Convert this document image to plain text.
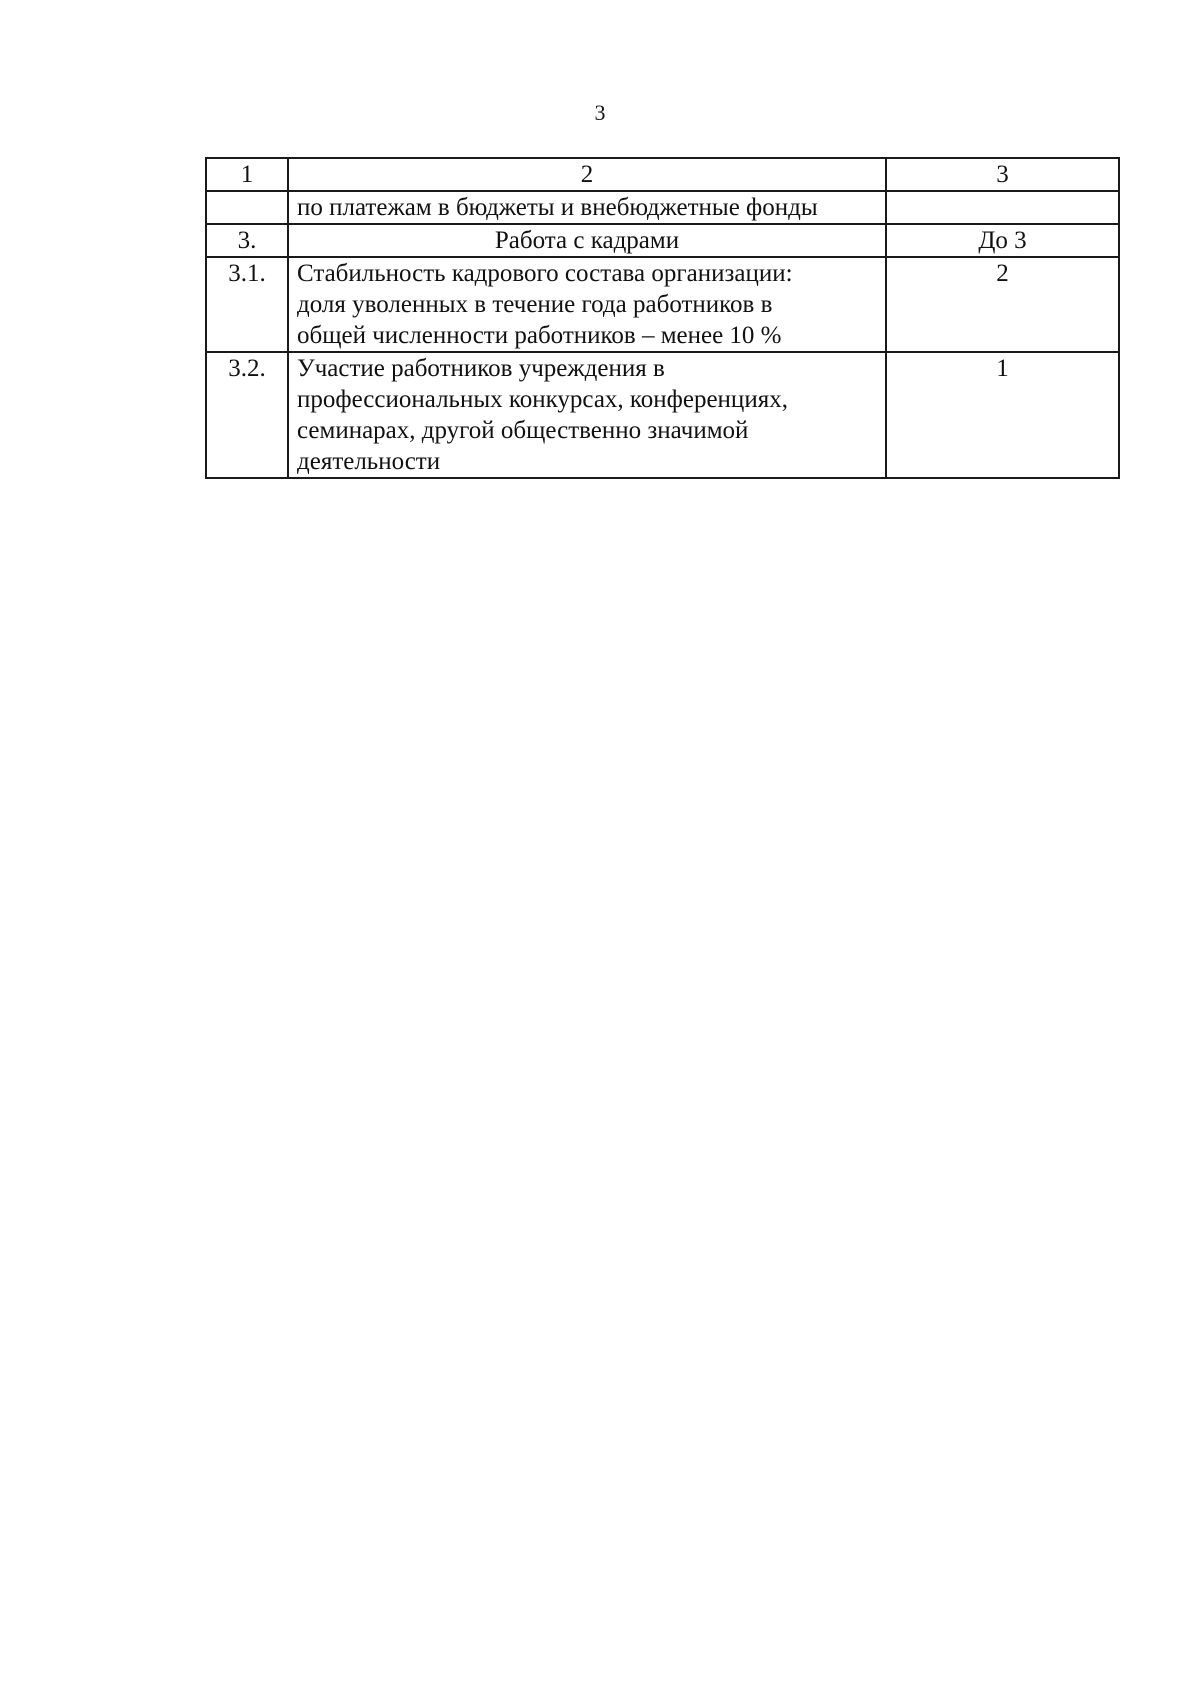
3
1	2	3

	по платежам в бюджеты и внебюджетные фонды	

3.	Работа с кадрами	До 3
3.1.	Стабильность кадрового состава организации:
доля уволенных в течение года работников в
общей численности работников – менее 10 %	2
3.2.	Участие работников учреждения в
профессиональных конкурсах, конференциях,
семинарах, другой общественно значимой
деятельности	1
